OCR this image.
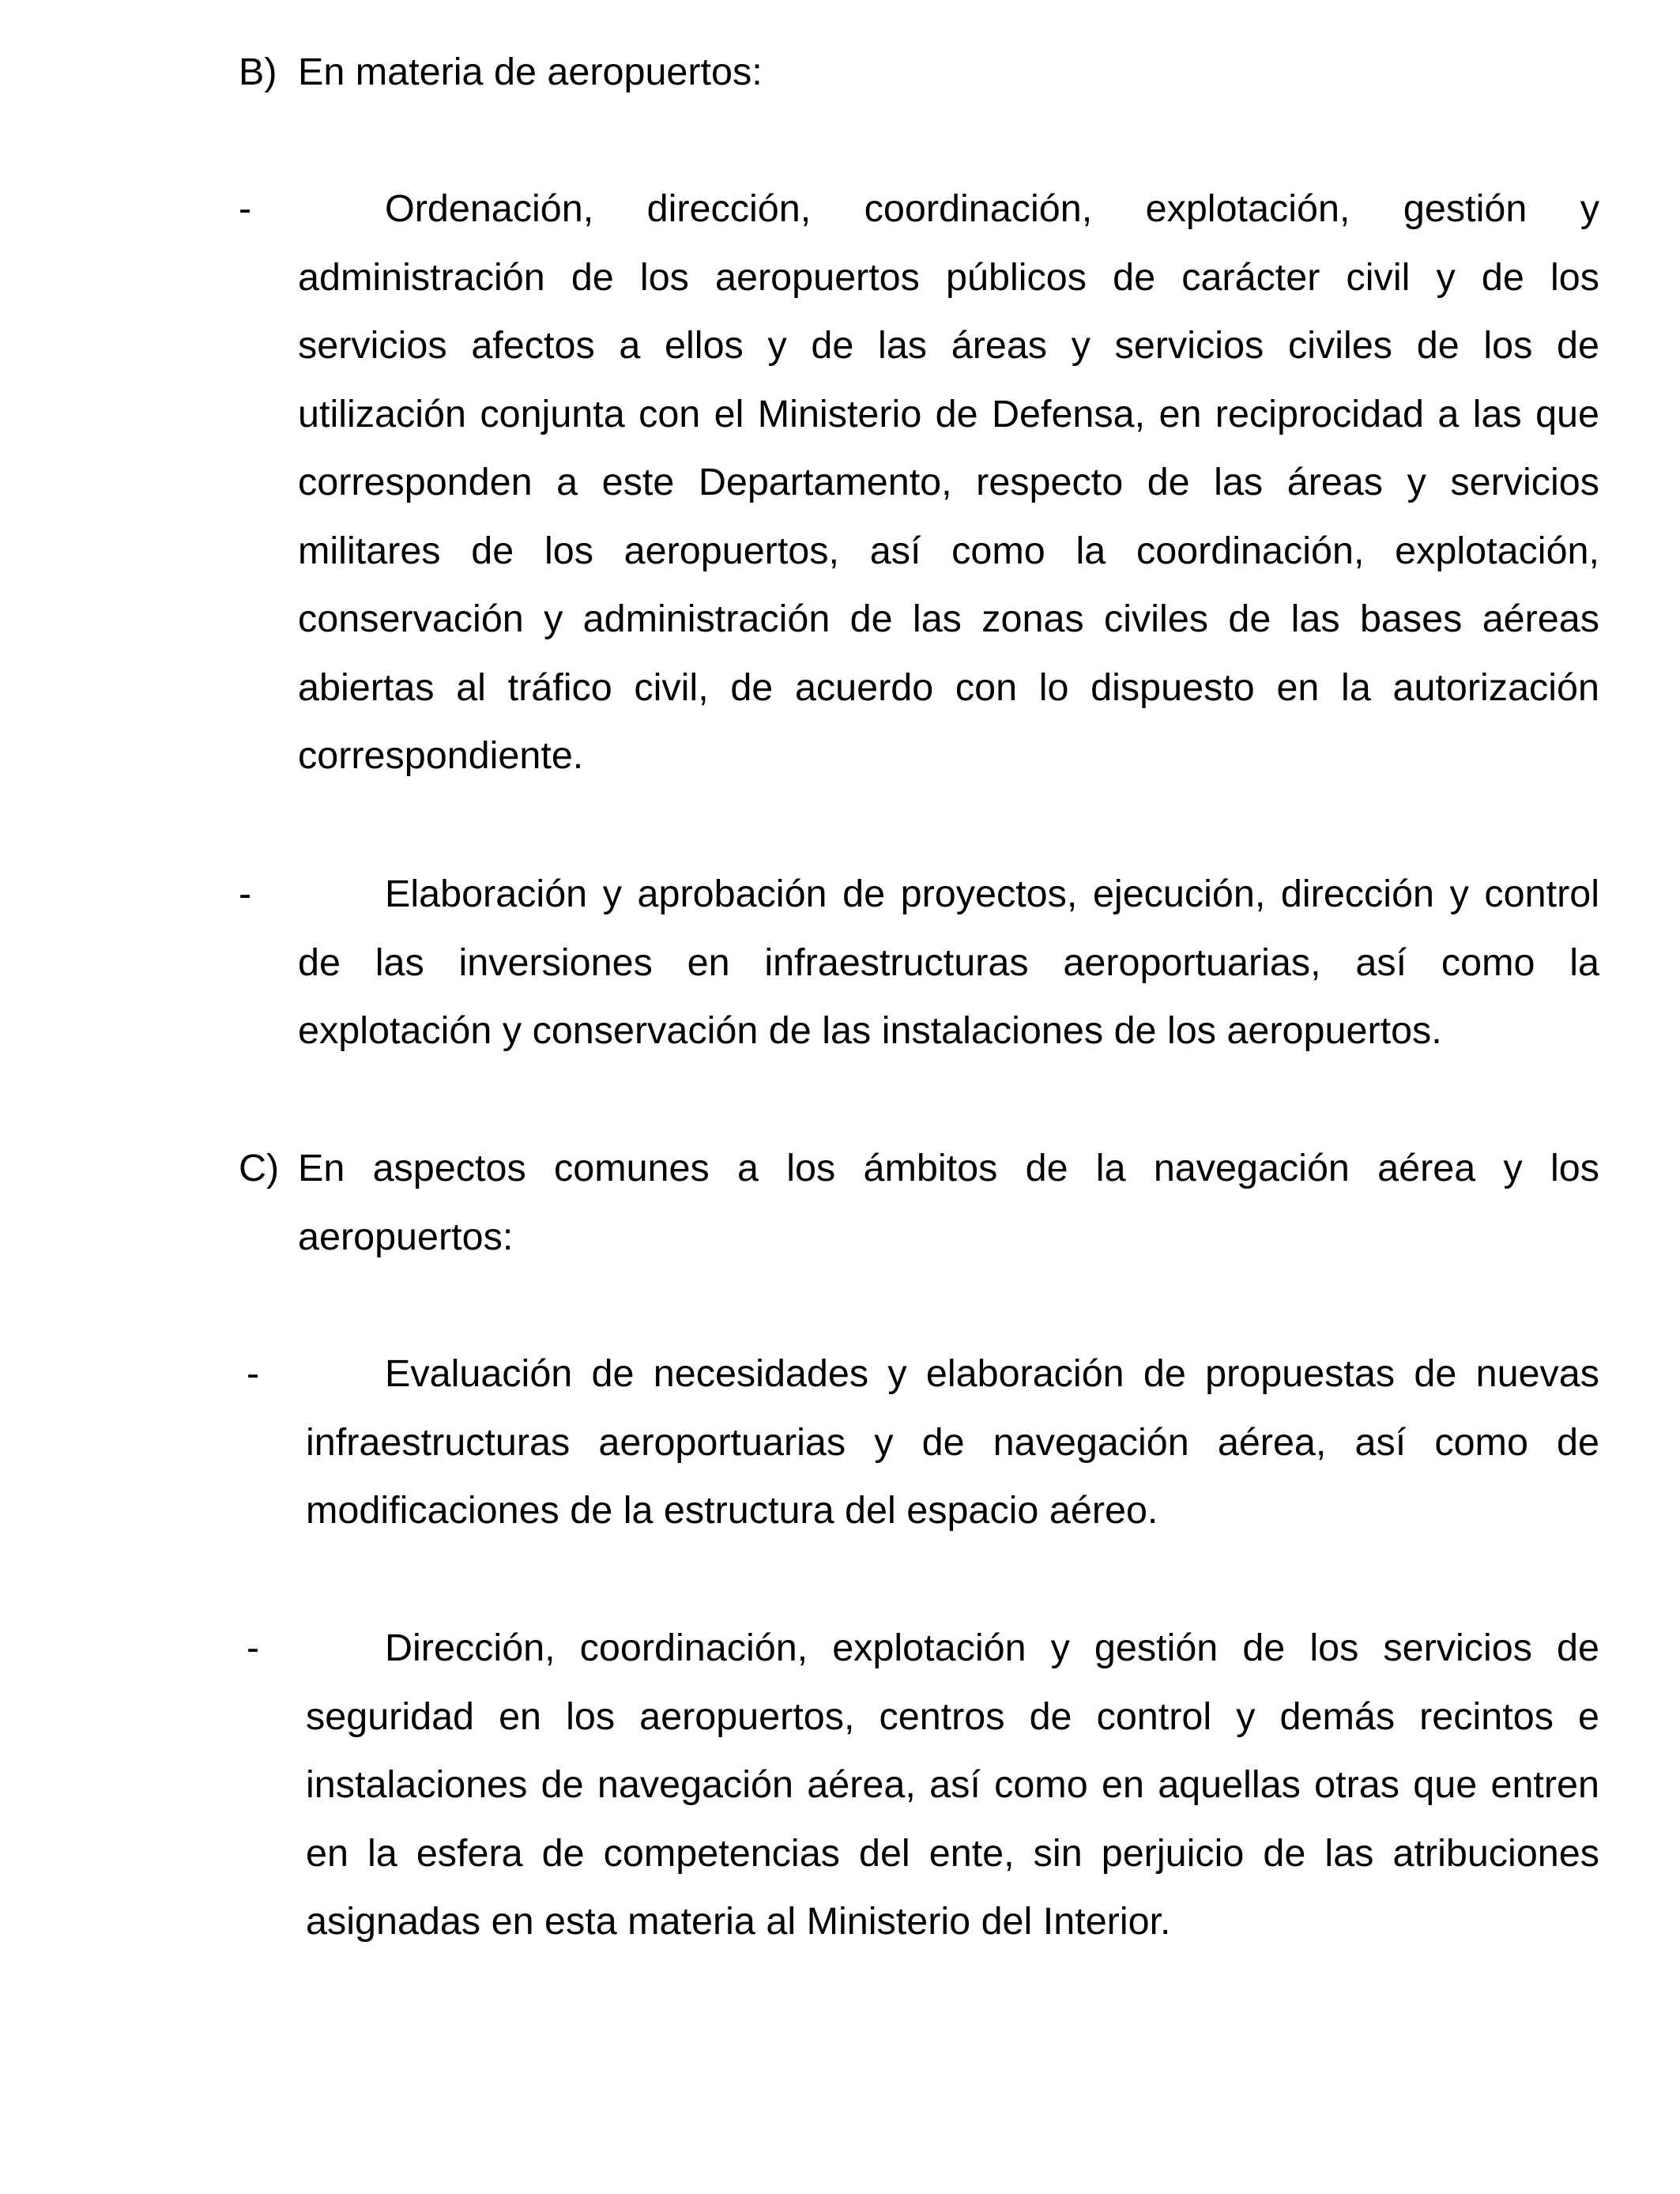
B) En materia de aeropuertos:
-	Ordenación, dirección, coordinación, explotación, gestión y administración de los aeropuertos públicos de carácter civil y de los servicios afectos a ellos y de las áreas y servicios civiles de los de utilización conjunta con el Ministerio de Defensa, en reciprocidad a las que corresponden a este Departamento, respecto de las áreas y servicios militares de los aeropuertos, así como la coordinación, explotación, conservación y administración de las zonas civiles de las bases aéreas abiertas al tráfico civil, de acuerdo con lo dispuesto en la autorización correspondiente.

-	Elaboración y aprobación de proyectos, ejecución, dirección y control de las inversiones en infraestructuras aeroportuarias, así como la explotación y conservación de las instalaciones de los aeropuertos.

C) En aspectos comunes a los ámbitos de la navegación aérea y los aeropuertos:
-	Evaluación de necesidades y elaboración de propuestas de nuevas infraestructuras aeroportuarias y de navegación aérea, así como de modificaciones de la estructura del espacio aéreo.

-	Dirección, coordinación, explotación y gestión de los servicios de seguridad en los aeropuertos, centros de control y demás recintos e instalaciones de navegación aérea, así como en aquellas otras que entren en la esfera de competencias del ente, sin perjuicio de las atribuciones asignadas en esta materia al Ministerio del Interior.
